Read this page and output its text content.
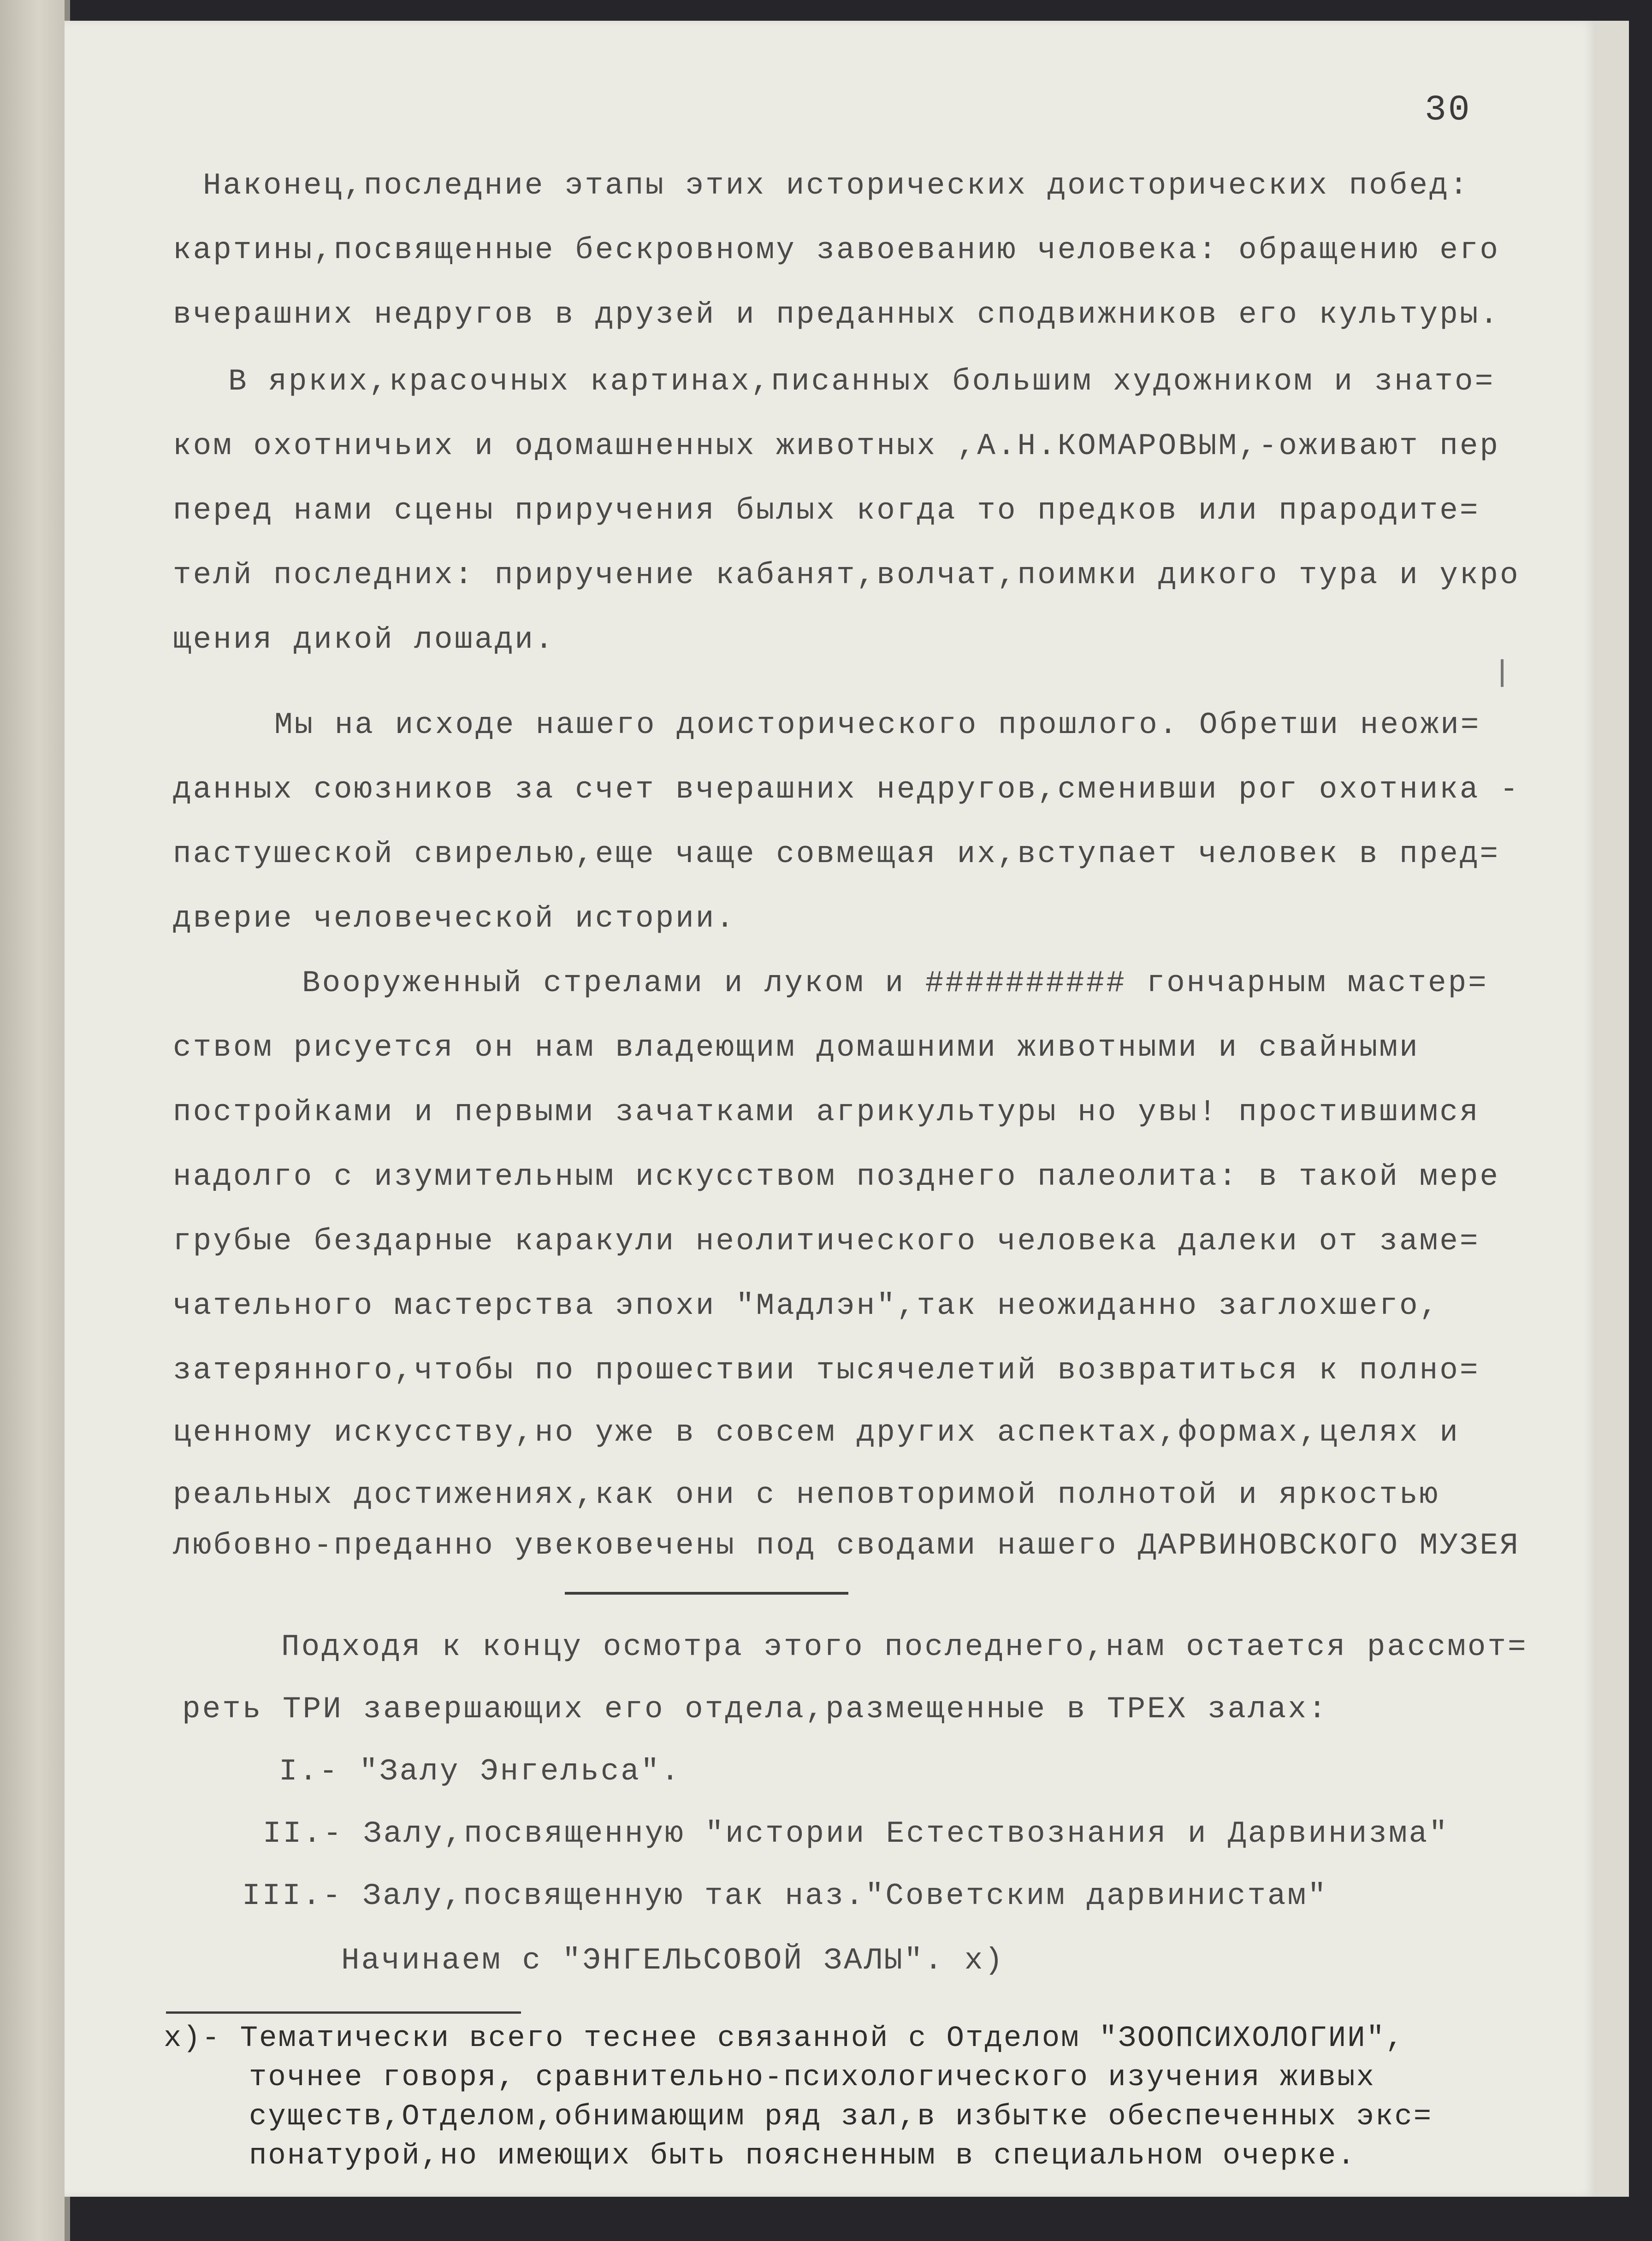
30
Наконец,последние этапы этих исторических доисторических побед:
картины,посвященные бескровному завоеванию человека: обращению его
вчерашних недругов в друзей и преданных сподвижников его культуры.
В ярких,красочных картинах,писанных большим художником и знато=
ком охотничьих и одомашненных животных ,А.Н.КОМАРОВЫМ,-оживают пер
перед нами сцены приручения былых когда то предков или прародите=
телй последних: приручение кабанят,волчат,поимки дикого тура и укро
щения дикой лошади.
Мы на исходе нашего доисторического прошлого. Обретши неожи=
данных союзников за счет вчерашних недругов,сменивши рог охотника -
пастушеской свирелью,еще чаще совмещая их,вступает человек в пред=
дверие человеческой истории.
Вооруженный стрелами и луком и ########## гончарным мастер=
ством рисуется он нам владеющим домашними животными и свайными
постройками и первыми зачатками агрикультуры но увы! простившимся
надолго с изумительным искусством позднего палеолита: в такой мере
грубые бездарные каракули неолитического человека далеки от заме=
чательного мастерства эпохи "Мадлэн",так неожиданно заглохшего,
затерянного,чтобы по прошествии тысячелетий возвратиться к полно=
ценному искусству,но уже в совсем других аспектах,формах,целях и
реальных достижениях,как они с неповторимой полнотой и яркостью
любовно-преданно увековечены под сводами нашего ДАРВИНОВСКОГО МУЗЕЯ
Подходя к концу осмотра этого последнего,нам остается рассмот=
реть ТРИ завершающих его отдела,размещенные в ТРЕХ залах:
I.- "Залу Энгельса".
II.- Залу,посвященную "истории Естествознания и Дарвинизма"
III.- Залу,посвященную так наз."Советским дарвинистам"
Начинаем с "ЭНГЕЛЬСОВОЙ ЗАЛЫ". х)
х)- Тематически всего теснее связанной с Отделом "ЗООПСИХОЛОГИИ",
точнее говоря, сравнительно-психологического изучения живых
существ,Отделом,обнимающим ряд зал,в избытке обеспеченных экс=
понатурой,но имеющих быть поясненным в специальном очерке.
